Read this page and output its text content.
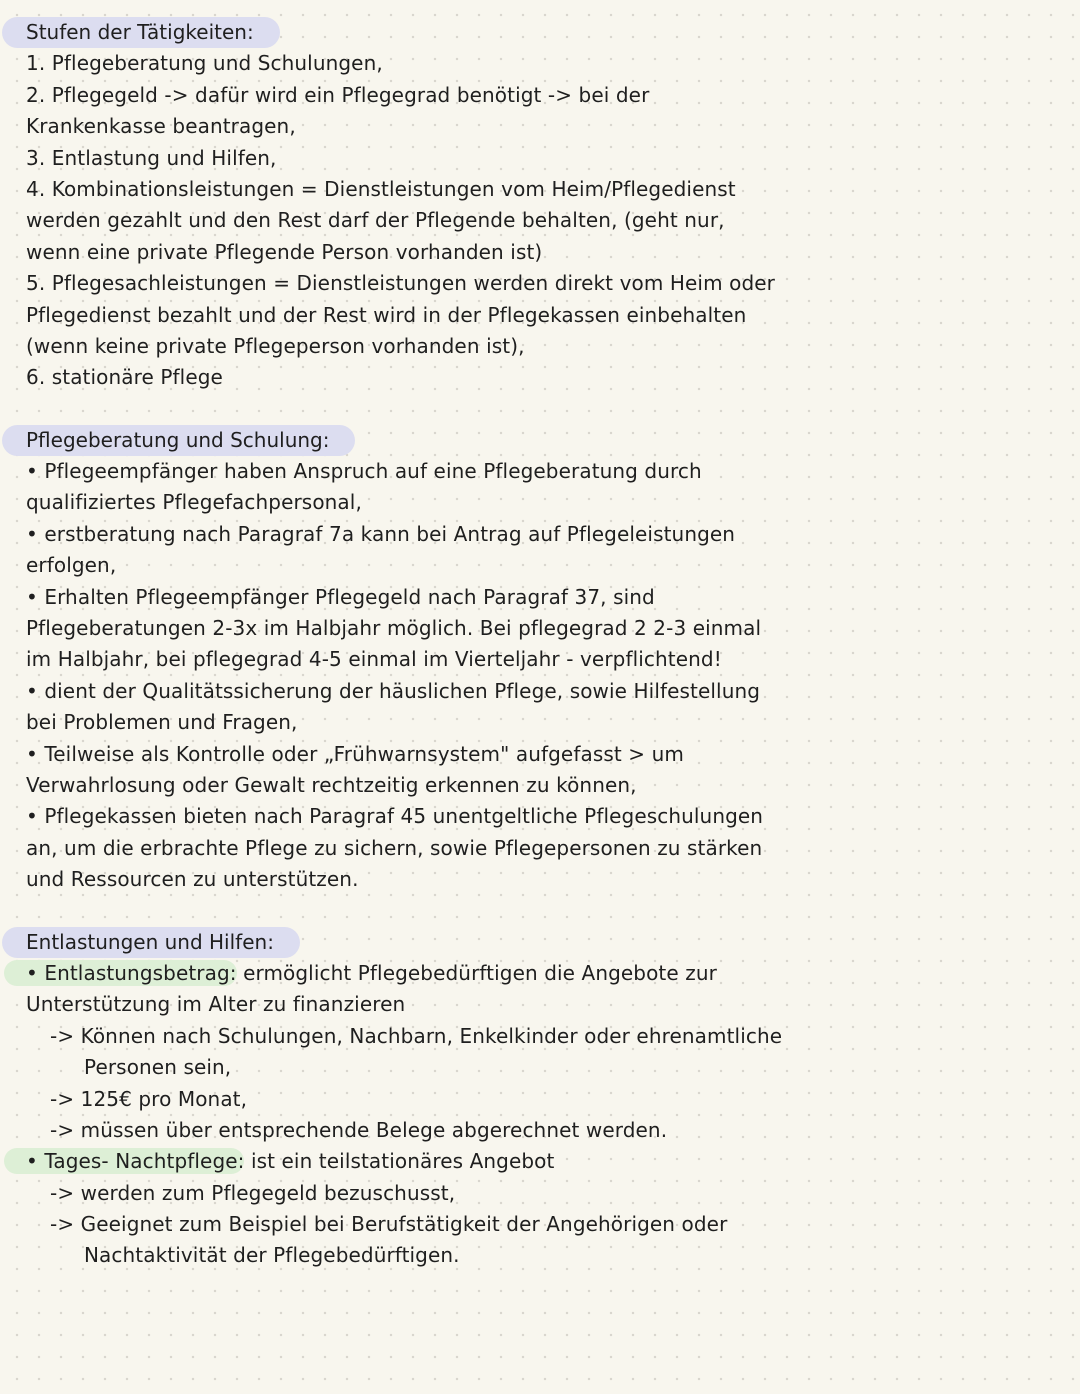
Stufen der Tätigkeiten:
1. Pflegeberatung und Schulungen,
2. Pflegegeld -> dafür wird ein Pflegegrad benötigt -> bei der
Krankenkasse beantragen,
3. Entlastung und Hilfen,
4. Kombinationsleistungen = Dienstleistungen vom Heim/Pflegedienst
werden gezahlt und den Rest darf der Pflegende behalten, (geht nur,
wenn eine private Pflegende Person vorhanden ist)
5. Pflegesachleistungen = Dienstleistungen werden direkt vom Heim oder
Pflegedienst bezahlt und der Rest wird in der Pflegekassen einbehalten
(wenn keine private Pflegeperson vorhanden ist),
6. stationäre Pflege
Pflegeberatung und Schulung:
• Pflegeempfänger haben Anspruch auf eine Pflegeberatung durch
qualifiziertes Pflegefachpersonal,
• erstberatung nach Paragraf 7a kann bei Antrag auf Pflegeleistungen
erfolgen,
• Erhalten Pflegeempfänger Pflegegeld nach Paragraf 37, sind
Pflegeberatungen 2-3x im Halbjahr möglich. Bei pflegegrad 2 2-3 einmal
im Halbjahr, bei pflegegrad 4-5 einmal im Vierteljahr - verpflichtend!
• dient der Qualitätssicherung der häuslichen Pflege, sowie Hilfestellung
bei Problemen und Fragen,
• Teilweise als Kontrolle oder „Frühwarnsystem" aufgefasst > um
Verwahrlosung oder Gewalt rechtzeitig erkennen zu können,
• Pflegekassen bieten nach Paragraf 45 unentgeltliche Pflegeschulungen
an, um die erbrachte Pflege zu sichern, sowie Pflegepersonen zu stärken
und Ressourcen zu unterstützen.
Entlastungen und Hilfen:
• Entlastungsbetrag: ermöglicht Pflegebedürftigen die Angebote zur
Unterstützung im Alter zu finanzieren
-> Können nach Schulungen, Nachbarn, Enkelkinder oder ehrenamtliche
Personen sein,
-> 125€ pro Monat,
-> müssen über entsprechende Belege abgerechnet werden.
• Tages- Nachtpflege: ist ein teilstationäres Angebot
-> werden zum Pflegegeld bezuschusst,
-> Geeignet zum Beispiel bei Berufstätigkeit der Angehörigen oder
Nachtaktivität der Pflegebedürftigen.
